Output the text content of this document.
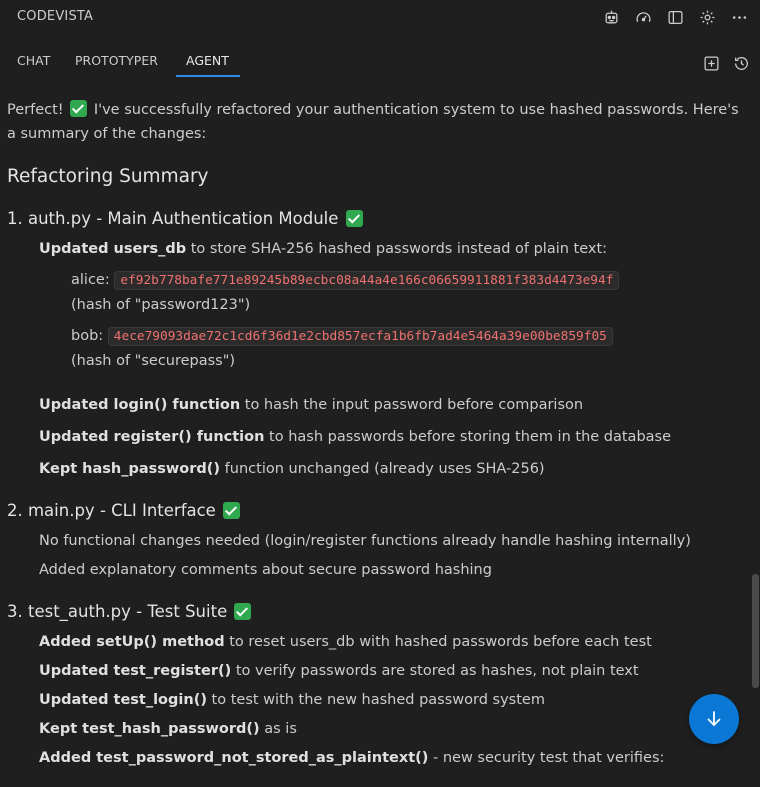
CODEVISTA
CHAT PROTOTYPER AGENT
Perfect! I've successfully refactored your authentication system to use hashed passwords. Here's a summary of the changes:
Refactoring Summary
1. auth.py - Main Authentication Module
Updated users_db to store SHA-256 hashed passwords instead of plain text:
alice: ef92b778bafe771e89245b89ecbc08a44a4e166c06659911881f383d4473e94f
(hash of "password123")
bob: 4ece79093dae72c1cd6f36d1e2cbd857ecfa1b6fb7ad4e5464a39e00be859f05
(hash of "securepass")
Updated login() function to hash the input password before comparison
Updated register() function to hash passwords before storing them in the database
Kept hash_password() function unchanged (already uses SHA-256)
2. main.py - CLI Interface
No functional changes needed (login/register functions already handle hashing internally)
Added explanatory comments about secure password hashing
3. test_auth.py - Test Suite
Added setUp() method to reset users_db with hashed passwords before each test
Updated test_register() to verify passwords are stored as hashes, not plain text
Updated test_login() to test with the new hashed password system
Kept test_hash_password() as is
Added test_password_not_stored_as_plaintext() - new security test that verifies:
